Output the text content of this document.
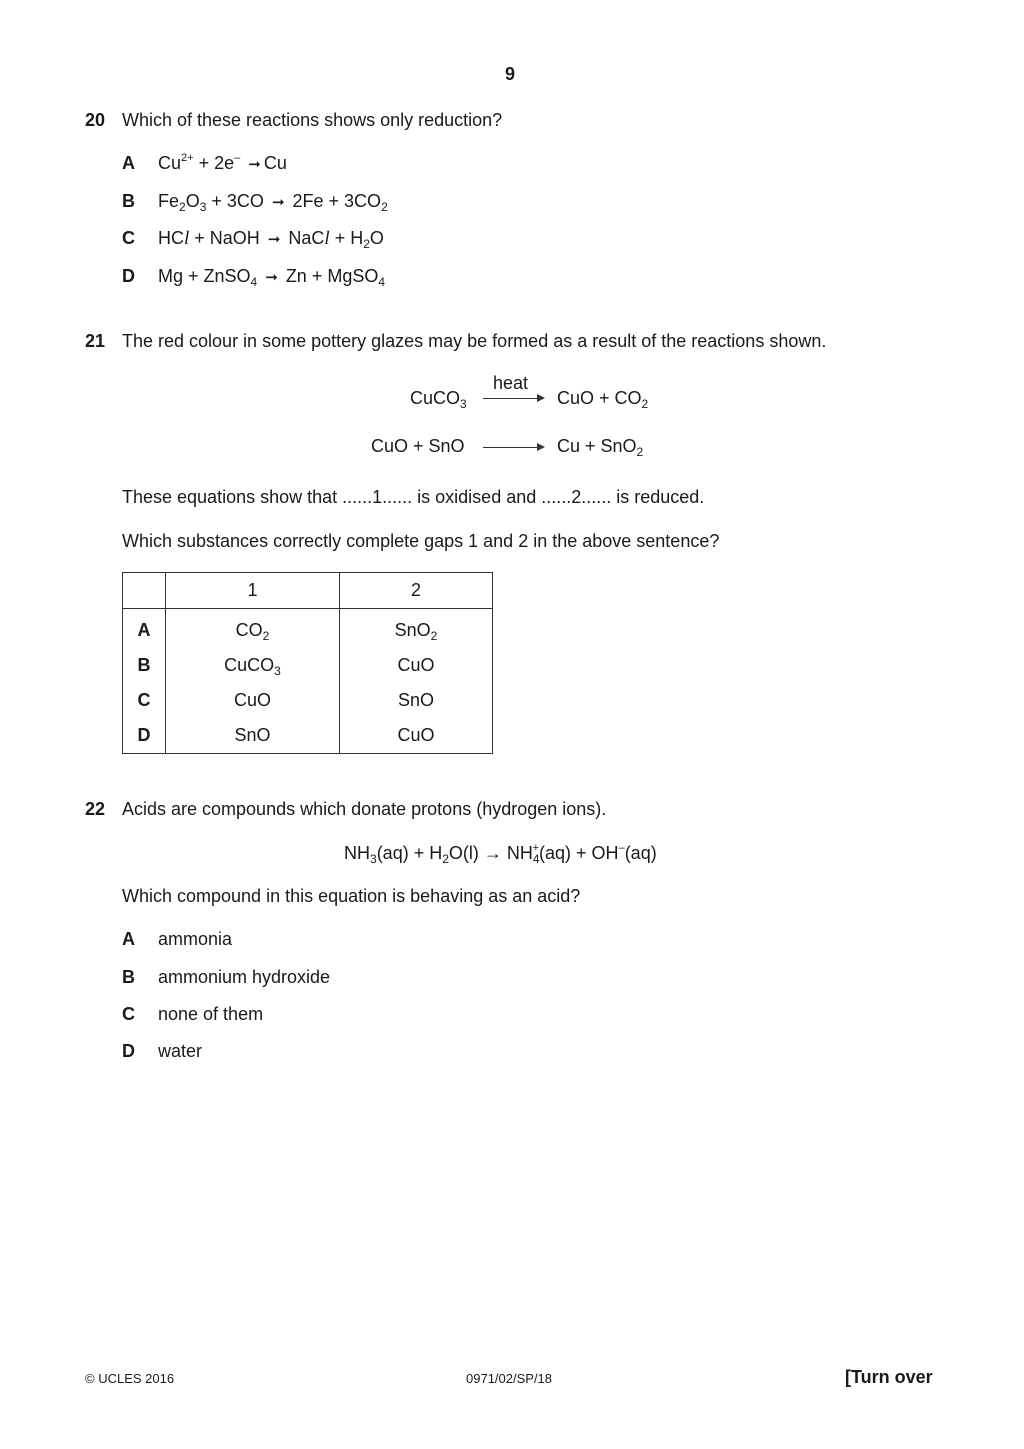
9
20 Which of these reactions shows only reduction?
A $Cu^{2+} + 2e^-$ ➞ Cu
B $Fe_2O_3 + 3CO$ ➞ $2Fe + 3CO_2$
C HCl + NaOH ➞ NaCl + $H_2O$
D Mg + ZnSO$_4$ ➞ Zn + MgSO$_4$
21 The red colour in some pottery glazes may be formed as a result of the reactions shown.
CuCO$_3$
heat
CuO + $CO_2$
CuO + SnO	Cu + SnO$_2$
These equations show that ......1...... is oxidised and ......2...... is reduced.
Which substances correctly complete gaps 1 and 2 in the above sentence?
	1	2
A	$CO_2$	SnO$_2$
B	CuCO$_3$	CuO
C	CuO	SnO
D	SnO	CuO
22 Acids are compounds which donate protons (hydrogen ions).
$NH_3(aq) + H_2O(l) \to NH_4^+(aq) + OH^-(aq)$
Which compound in this equation is behaving as an acid?
A ammonia
B ammonium hydroxide
C none of them
D water
© UCLES 2016	0971/02/SP/18	[Turn over
